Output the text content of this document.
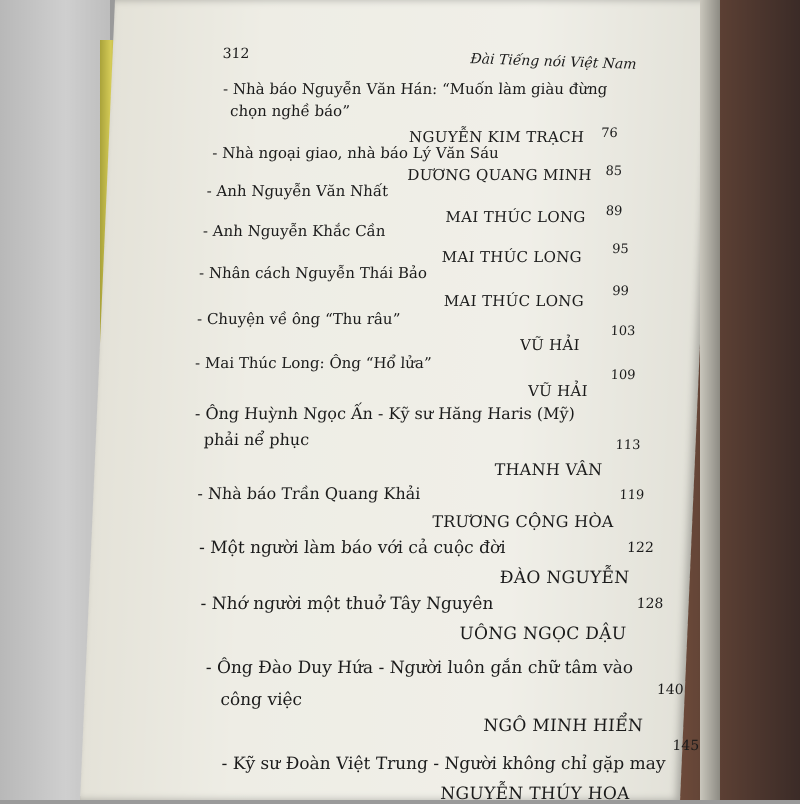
312	Đài Tiếng nói Việt Nam
- Nhà báo Nguyễn Văn Hán: “Muốn làm giàu đừng
chọn nghề báo”
NGUYỄN KIM TRẠCH 76
- Nhà ngoại giao, nhà báo Lý Văn Sáu
DƯƠNG QUANG MINH 85
- Anh Nguyễn Văn Nhất
MAI THÚC LONG 89
- Anh Nguyễn Khắc Cần
MAI THÚC LONG 95
- Nhân cách Nguyễn Thái Bảo
MAI THÚC LONG
99
- Chuyện về ông “Thu râu”
VŨ HẢI
103
- Mai Thúc Long: Ông “Hổ lửa”
VŨ HẢI
109
- Ông Huỳnh Ngọc Ấn - Kỹ sư Hăng Haris (Mỹ)
phải nể phục
THANH VÂN
113
- Nhà báo Trần Quang Khải
TRƯƠNG CỘNG HÒA
119
- Một người làm báo với cả cuộc đời
ĐÀO NGUYỄN
122
- Nhớ người một thuở Tây Nguyên
UÔNG NGỌC DẬU
128
- Ông Đào Duy Hứa - Người luôn gắn chữ tâm vào
công việc
NGÔ MINH HIỂN
140
- Kỹ sư Đoàn Việt Trung - Người không chỉ gặp may
NGUYỄN THÚY HOA
145
